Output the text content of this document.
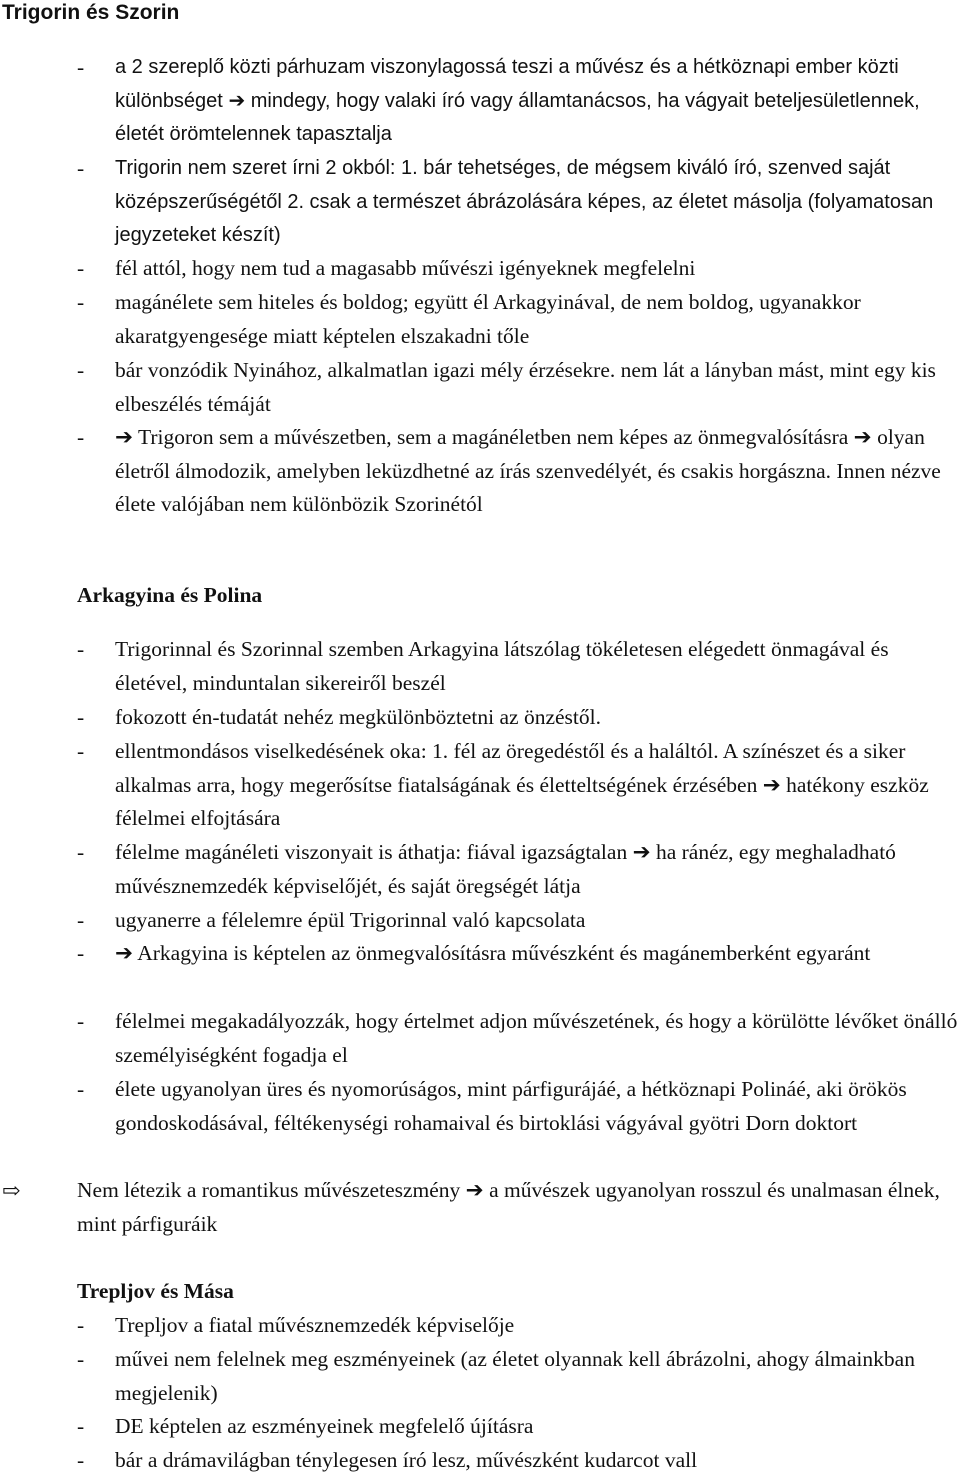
Trigorin és Szorin
- a 2 szereplő közti párhuzam viszonylagossá teszi a művész és a hétköznapi ember közti különbséget ➔ mindegy, hogy valaki író vagy államtanácsos, ha vágyait beteljesületlennek, életét örömtelennek tapasztalja
- Trigorin nem szeret írni 2 okból: 1. bár tehetséges, de mégsem kiváló író, szenved saját középszerűségétől 2. csak a természet ábrázolására képes, az életet másolja (folyamatosan jegyzeteket készít)
- fél attól, hogy nem tud a magasabb művészi igényeknek megfelelni
- magánélete sem hiteles és boldog; együtt él Arkagyinával, de nem boldog, ugyanakkor akaratgyengesége miatt képtelen elszakadni tőle
- bár vonzódik Nyinához, alkalmatlan igazi mély érzésekre. nem lát a lányban mást, mint egy kis elbeszélés témáját
- ➔ Trigoron sem a művészetben, sem a magánéletben nem képes az önmegvalósításra ➔ olyan életről álmodozik, amelyben leküzdhetné az írás szenvedélyét, és csakis horgászna. Innen nézve élete valójában nem különbözik Szorinétól
Arkagyina és Polina
- Trigorinnal és Szorinnal szemben Arkagyina látszólag tökéletesen elégedett önmagával és életével, minduntalan sikereiről beszél
- fokozott én-tudatát nehéz megkülönböztetni az önzéstől.
- ellentmondásos viselkedésének oka: 1. fél az öregedéstől és a haláltól. A színészet és a siker alkalmas arra, hogy megerősítse fiatalságának és életteltségének érzésében ➔ hatékony eszköz félelmei elfojtására
- félelme magánéleti viszonyait is áthatja: fiával igazságtalan ➔ ha ránéz, egy meghaladható művésznemzedék képviselőjét, és saját öregségét látja
- ugyanerre a félelemre épül Trigorinnal való kapcsolata
- ➔ Arkagyina is képtelen az önmegvalósításra művészként és magánemberként egyaránt
- félelmei megakadályozzák, hogy értelmet adjon művészetének, és hogy a körülötte lévőket önálló személyiségként fogadja el
- élete ugyanolyan üres és nyomorúságos, mint párfigurájáé, a hétköznapi Polináé, aki örökös gondoskodásával, féltékenységi rohamaival és birtoklási vágyával gyötri Dorn doktort
⇨	Nem létezik a romantikus művészeteszmény ➔ a művészek ugyanolyan rosszul és unalmasan élnek, mint párfiguráik
Trepljov és Mása
- Trepljov a fiatal művésznemzedék képviselője
- művei nem felelnek meg eszményeinek (az életet olyannak kell ábrázolni, ahogy álmainkban megjelenik)
- DE képtelen az eszményeinek megfelelő újításra
- bár a drámavilágban ténylegesen író lesz, művészként kudarcot vall
